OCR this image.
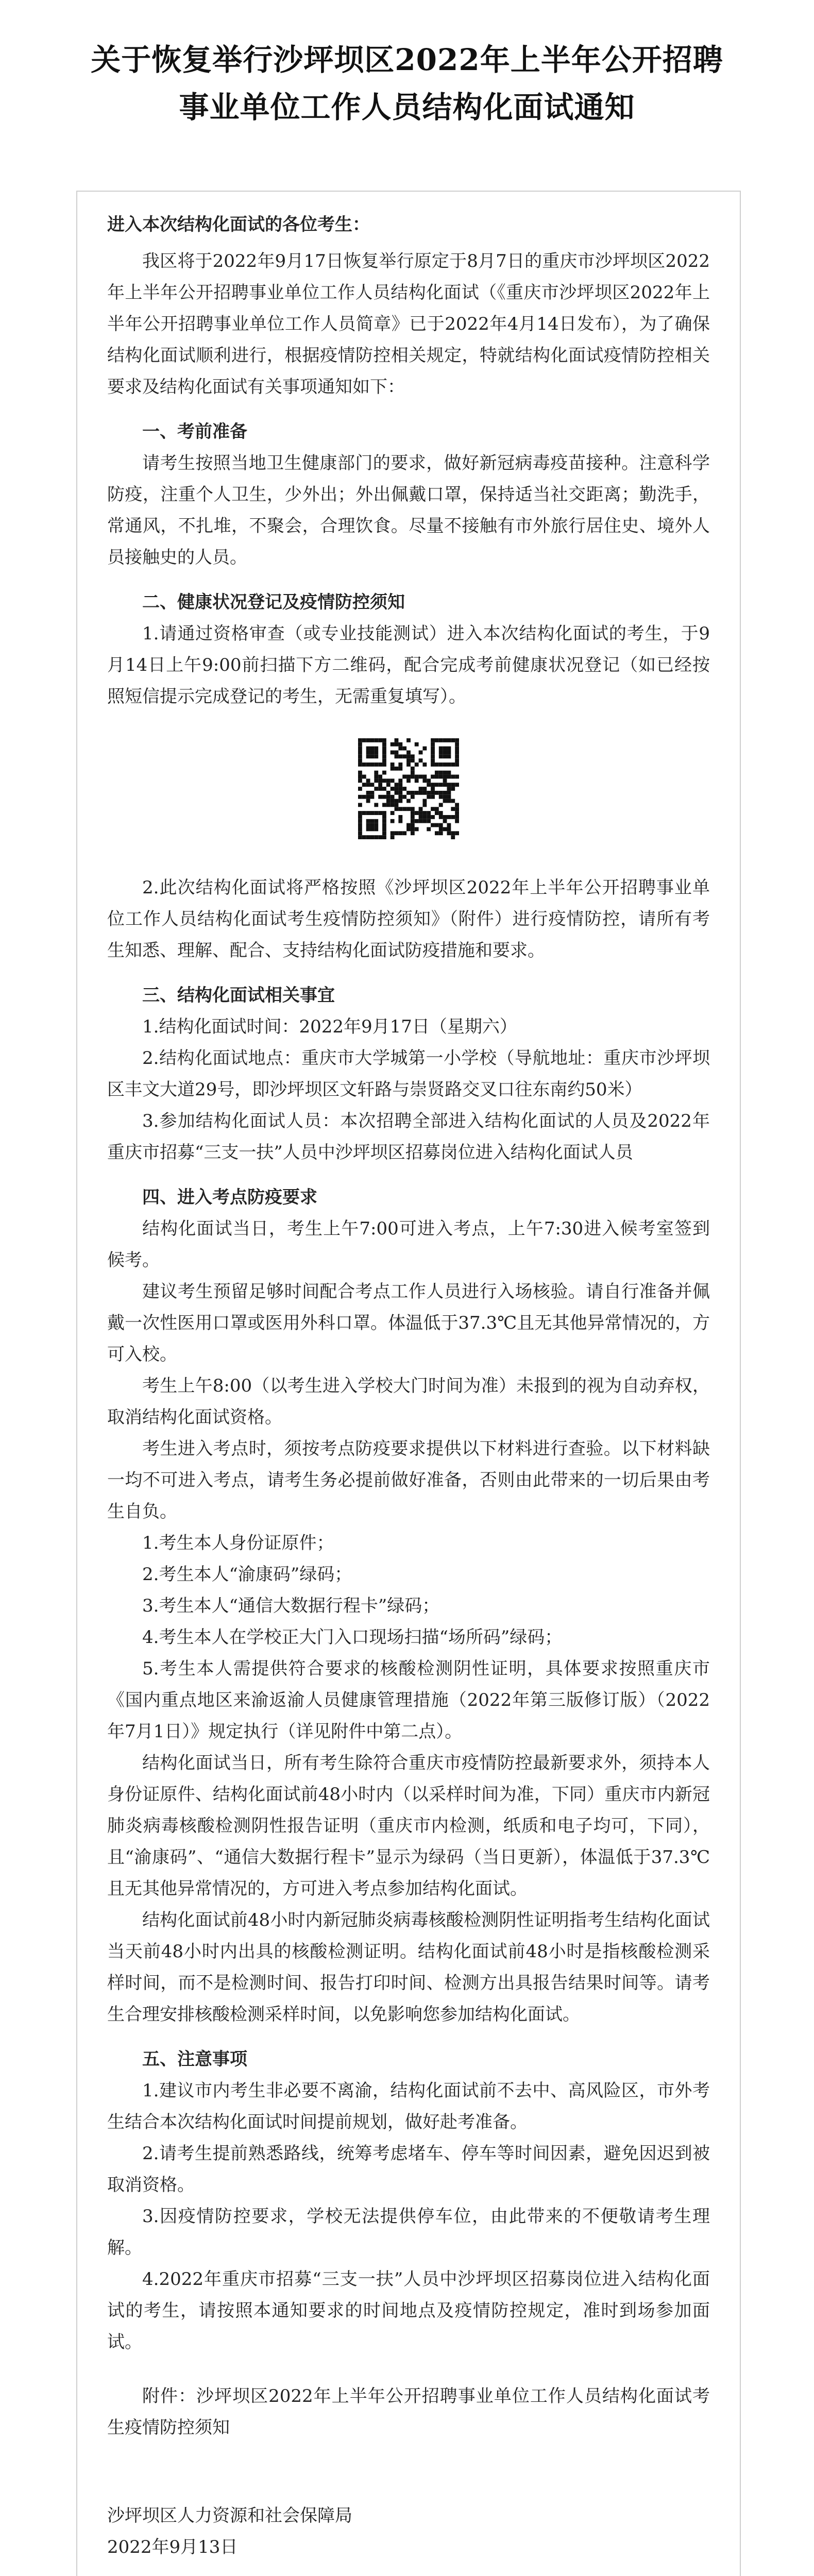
关于恢复举行沙坪坝区2022年上半年公开招聘
事业单位工作人员结构化面试通知

进入本次结构化面试的各位考生：

我区将于2022年9月17日恢复举行原定于8月7日的重庆市沙坪坝区2022年上半年公开招聘事业单位工作人员结构化面试（《重庆市沙坪坝区2022年上半年公开招聘事业单位工作人员简章》已于2022年4月14日发布），为了确保结构化面试顺利进行，根据疫情防控相关规定，特就结构化面试疫情防控相关要求及结构化面试有关事项通知如下：

一、考前准备

请考生按照当地卫生健康部门的要求，做好新冠病毒疫苗接种。注意科学防疫，注重个人卫生，少外出；外出佩戴口罩，保持适当社交距离；勤洗手，常通风，不扎堆，不聚会，合理饮食。尽量不接触有市外旅行居住史、境外人员接触史的人员。

二、健康状况登记及疫情防控须知

1.请通过资格审查（或专业技能测试）进入本次结构化面试的考生，于9月14日上午9:00前扫描下方二维码，配合完成考前健康状况登记（如已经按照短信提示完成登记的考生，无需重复填写）。

2.此次结构化面试将严格按照《沙坪坝区2022年上半年公开招聘事业单位工作人员结构化面试考生疫情防控须知》（附件）进行疫情防控，请所有考生知悉、理解、配合、支持结构化面试防疫措施和要求。

三、结构化面试相关事宜

1.结构化面试时间：2022年9月17日（星期六）

2.结构化面试地点：重庆市大学城第一小学校（导航地址：重庆市沙坪坝区丰文大道29号，即沙坪坝区文轩路与崇贤路交叉口往东南约50米）

3.参加结构化面试人员：本次招聘全部进入结构化面试的人员及2022年重庆市招募“三支一扶”人员中沙坪坝区招募岗位进入结构化面试人员

四、进入考点防疫要求

结构化面试当日，考生上午7:00可进入考点，上午7:30进入候考室签到候考。

建议考生预留足够时间配合考点工作人员进行入场核验。请自行准备并佩戴一次性医用口罩或医用外科口罩。体温低于37.3℃且无其他异常情况的，方可入校。

考生上午8:00（以考生进入学校大门时间为准）未报到的视为自动弃权，取消结构化面试资格。

考生进入考点时，须按考点防疫要求提供以下材料进行查验。以下材料缺一均不可进入考点，请考生务必提前做好准备，否则由此带来的一切后果由考生自负。

1.考生本人身份证原件；

2.考生本人“渝康码”绿码；

3.考生本人“通信大数据行程卡”绿码；

4.考生本人在学校正大门入口现场扫描“场所码”绿码；

5.考生本人需提供符合要求的核酸检测阴性证明，具体要求按照重庆市《国内重点地区来渝返渝人员健康管理措施（2022年第三版修订版）（2022年7月1日）》规定执行（详见附件中第二点）。

结构化面试当日，所有考生除符合重庆市疫情防控最新要求外，须持本人身份证原件、结构化面试前48小时内（以采样时间为准，下同）重庆市内新冠肺炎病毒核酸检测阴性报告证明（重庆市内检测，纸质和电子均可，下同），且“渝康码”、“通信大数据行程卡”显示为绿码（当日更新），体温低于37.3℃且无其他异常情况的，方可进入考点参加结构化面试。

结构化面试前48小时内新冠肺炎病毒核酸检测阴性证明指考生结构化面试当天前48小时内出具的核酸检测证明。结构化面试前48小时是指核酸检测采样时间，而不是检测时间、报告打印时间、检测方出具报告结果时间等。请考生合理安排核酸检测采样时间，以免影响您参加结构化面试。

五、注意事项

1.建议市内考生非必要不离渝，结构化面试前不去中、高风险区，市外考生结合本次结构化面试时间提前规划，做好赴考准备。

2.请考生提前熟悉路线，统筹考虑堵车、停车等时间因素，避免因迟到被取消资格。

3.因疫情防控要求，学校无法提供停车位，由此带来的不便敬请考生理解。

4.2022年重庆市招募“三支一扶”人员中沙坪坝区招募岗位进入结构化面试的考生，请按照本通知要求的时间地点及疫情防控规定，准时到场参加面试。

附件：沙坪坝区2022年上半年公开招聘事业单位工作人员结构化面试考生疫情防控须知

沙坪坝区人力资源和社会保障局

2022年9月13日
